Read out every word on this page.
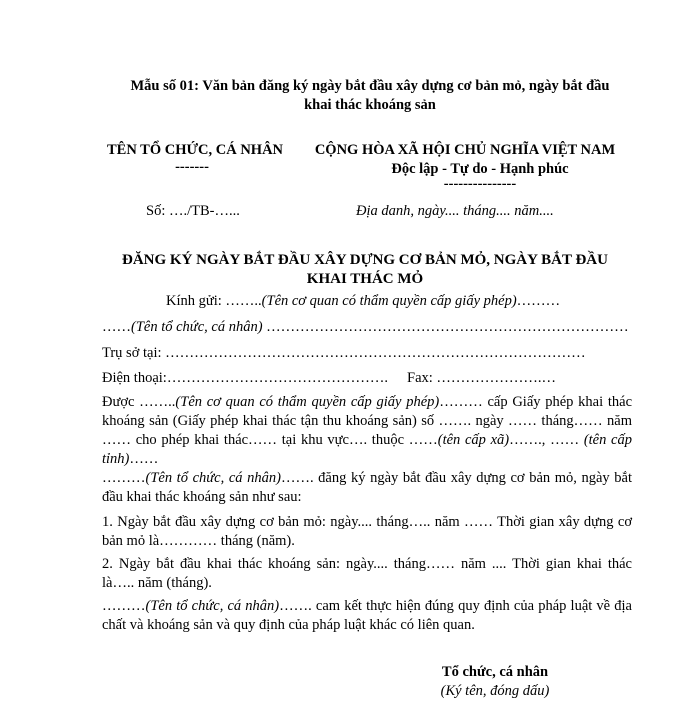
Mẫu số 01: Văn bản đăng ký ngày bắt đầu xây dựng cơ bản mỏ, ngày bắt đầu
khai thác khoáng sản
TÊN TỔ CHỨC, CÁ NHÂN
-------
Số: …./TB-…...
CỘNG HÒA XÃ HỘI CHỦ NGHĨA VIỆT NAM
Độc lập - Tự do - Hạnh phúc
---------------
Địa danh, ngày.... tháng.... năm....
ĐĂNG KÝ NGÀY BẮT ĐẦU XÂY DỰNG CƠ BẢN MỎ, NGÀY BẮT ĐẦU
KHAI THÁC MỎ
Kính gửi: ……..(Tên cơ quan có thẩm quyền cấp giấy phép)………
……(Tên tổ chức, cá nhân) …………………………………………………………………
Trụ sở tại: ……………………………………………………………………………
Điện thoại:………………………………………. Fax: ………………….…
Được ……..(Tên cơ quan có thẩm quyền cấp giấy phép)……… cấp Giấy phép khai thác khoáng sản (Giấy phép khai thác tận thu khoáng sản) số ……. ngày …… tháng…… năm …… cho phép khai thác…… tại khu vực…. thuộc ……(tên cấp xã)……., …… (tên cấp tỉnh)……
………(Tên tổ chức, cá nhân)……. đăng ký ngày bắt đầu xây dựng cơ bản mỏ, ngày bắt đầu khai thác khoáng sản như sau:
1. Ngày bắt đầu xây dựng cơ bản mỏ: ngày.... tháng….. năm …… Thời gian xây dựng cơ bản mỏ là………… tháng (năm).
2. Ngày bắt đầu khai thác khoáng sản: ngày.... tháng…… năm .... Thời gian khai thác là….. năm (tháng).
………(Tên tổ chức, cá nhân)……. cam kết thực hiện đúng quy định của pháp luật về địa chất và khoáng sản và quy định của pháp luật khác có liên quan.
Tổ chức, cá nhân
(Ký tên, đóng dấu)
